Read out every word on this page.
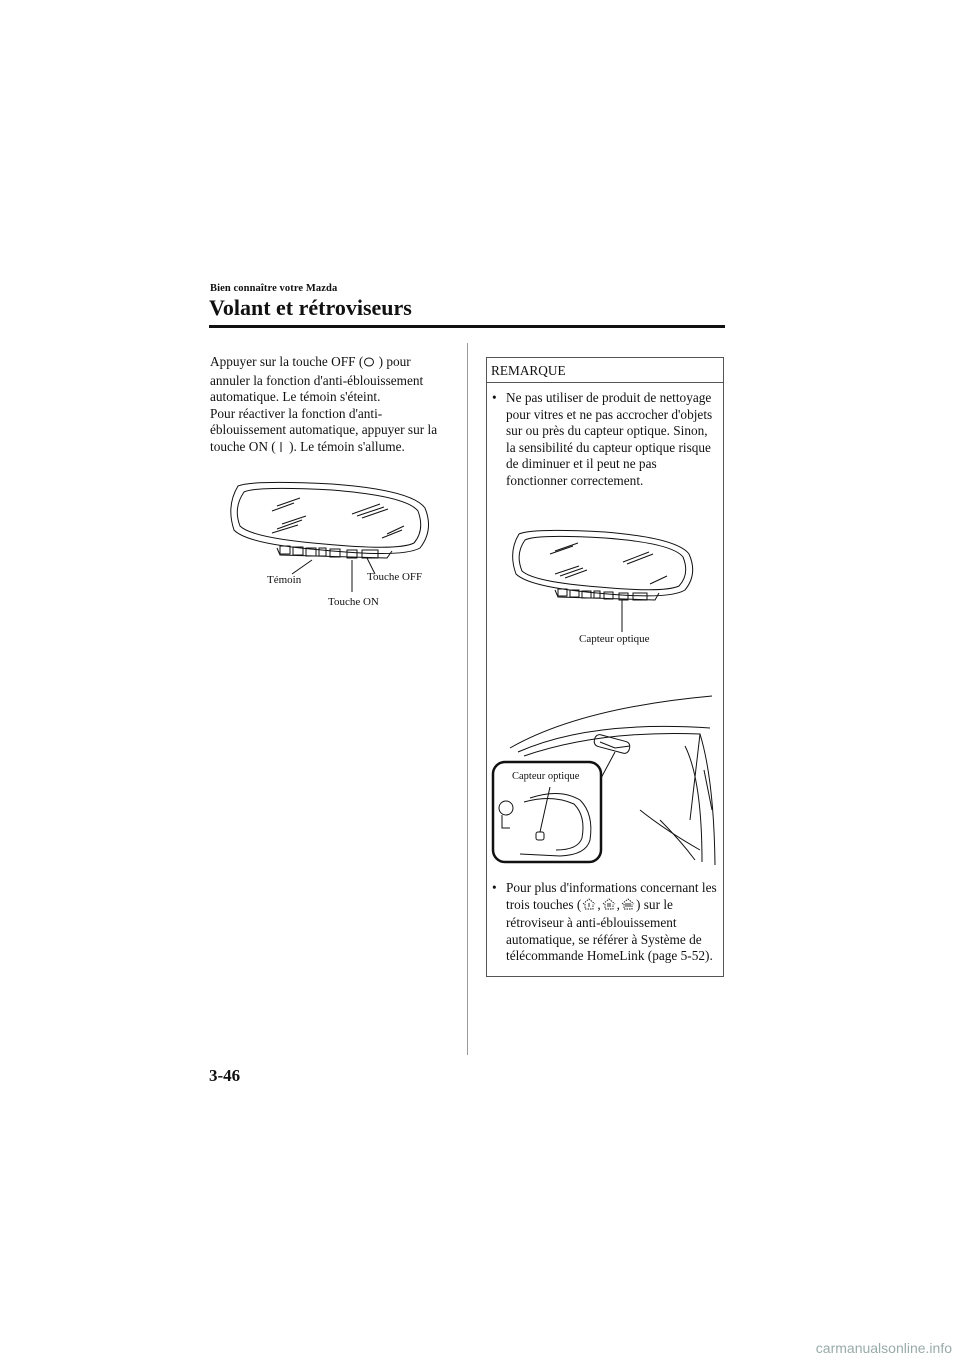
Bien connaître votre Mazda
Volant et rétroviseurs
Appuyer sur la touche OFF ( ) pour annuler la fonction d'anti-éblouissement automatique. Le témoin s'éteint.
Pour réactiver la fonction d'anti-éblouissement automatique, appuyer sur la touche ON ( ). Le témoin s'allume.
Témoin	Touche OFF
Touche ON
REMARQUE
• Ne pas utiliser de produit de nettoyage pour vitres et ne pas accrocher d'objets sur ou près du capteur optique. Sinon, la sensibilité du capteur optique risque de diminuer et il peut ne pas fonctionner correctement.
Capteur optique
Capteur optique
• Pour plus d'informations concernant les trois touches ( , , ) sur le rétroviseur à anti-éblouissement automatique, se référer à Système de télécommande HomeLink (page 5-52).
3-46
carmanualsonline.info
